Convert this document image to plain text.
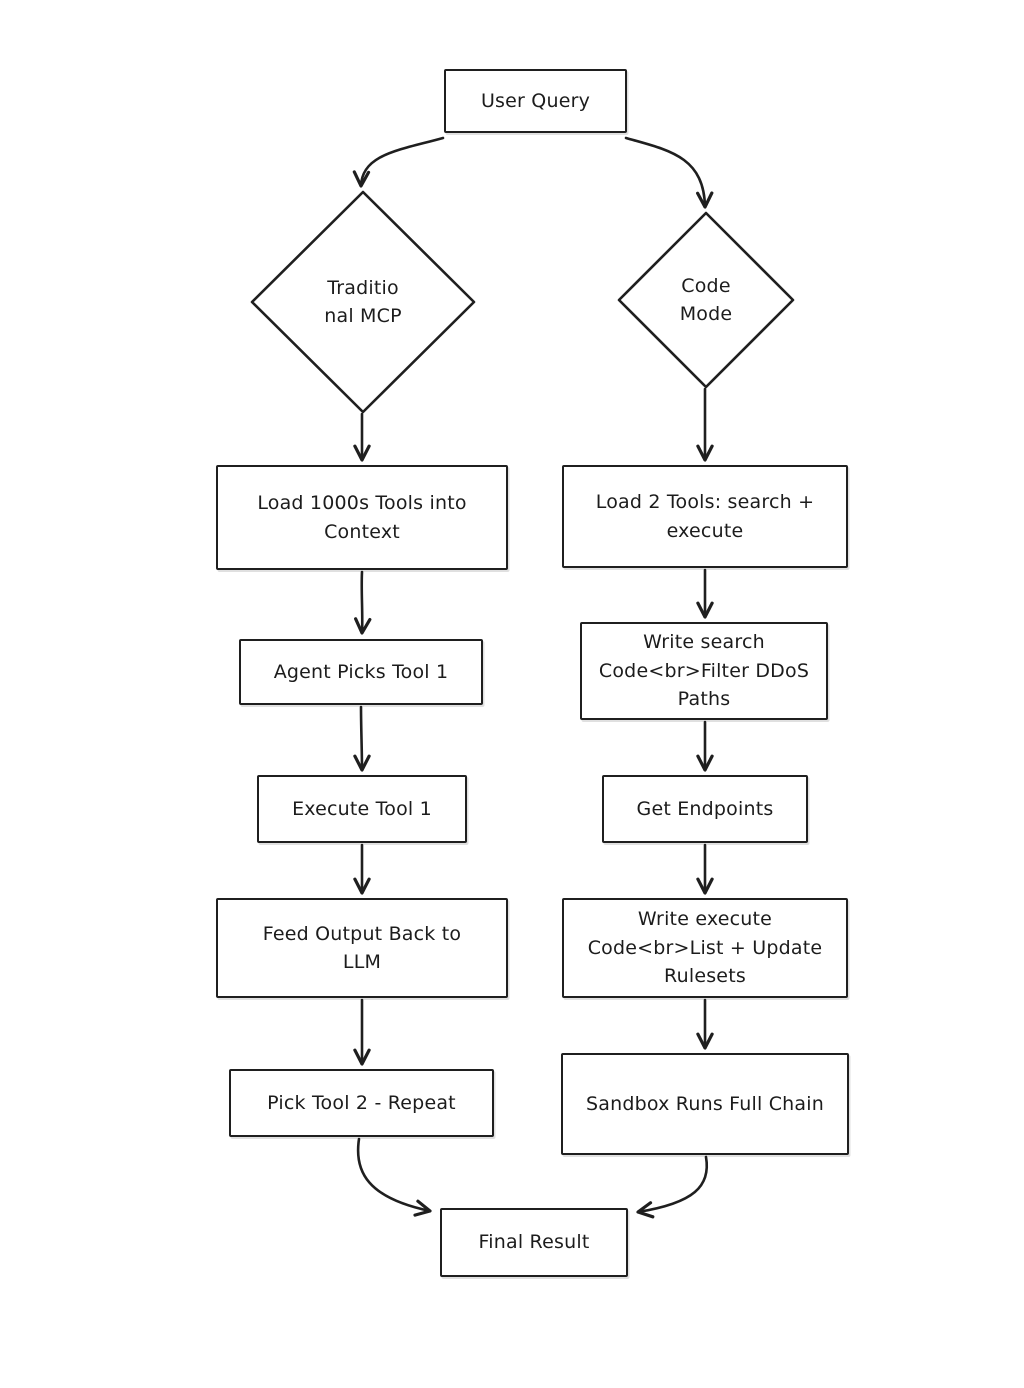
User Query
Traditio
nal MCP
Code
Mode
Load 1000s Tools into
Context
Agent Picks Tool 1
Execute Tool 1
Feed Output Back to
LLM
Pick Tool 2 - Repeat
Load 2 Tools: search +
execute
Write search
Code<br>Filter DDoS
Paths
Get Endpoints
Write execute
Code<br>List + Update
Rulesets
Sandbox Runs Full Chain
Final Result
